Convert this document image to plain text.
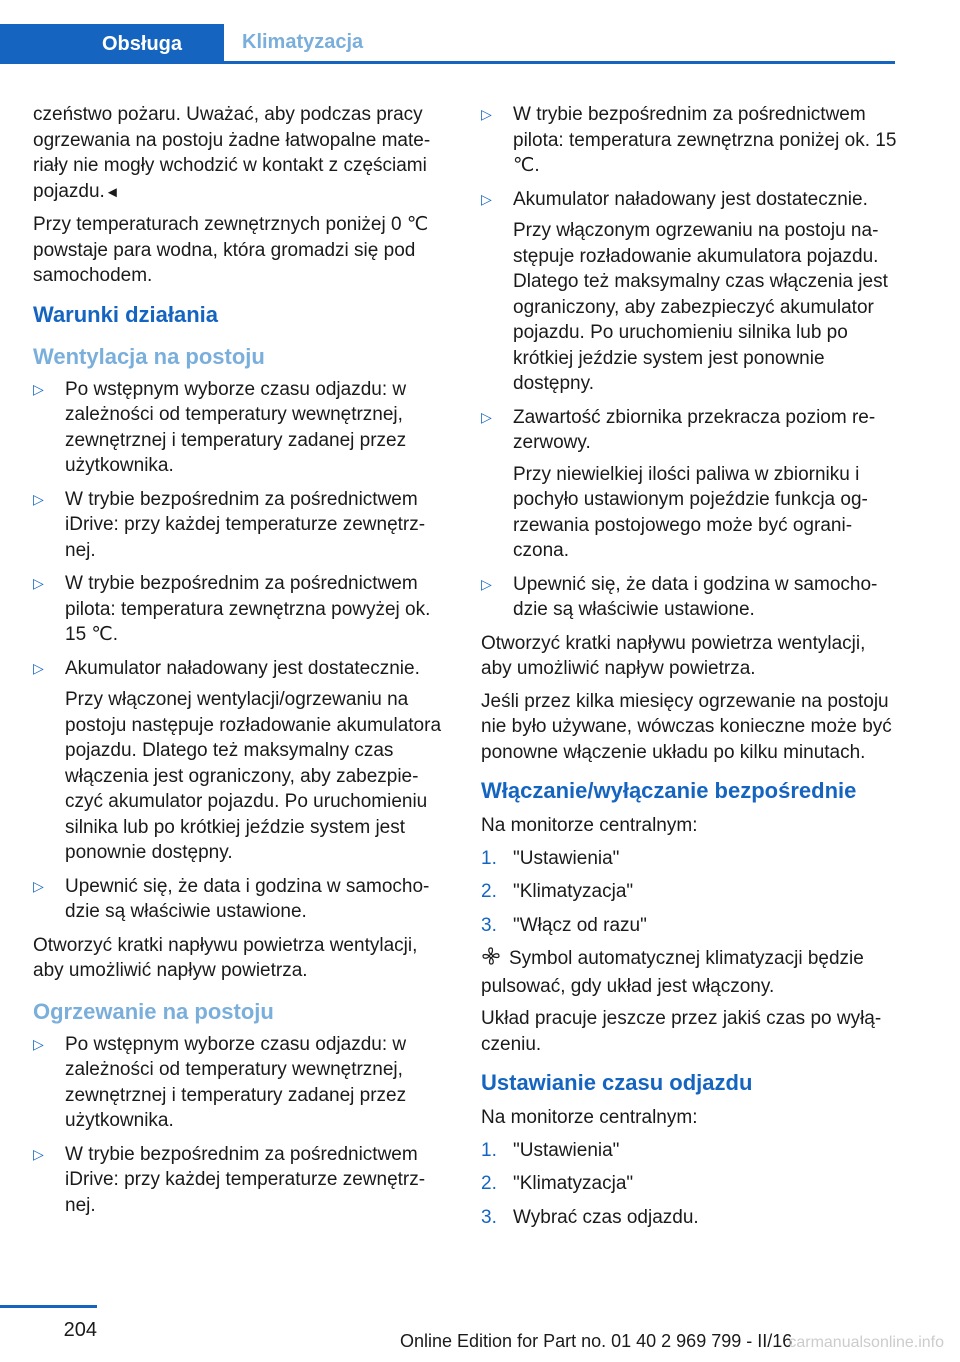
Obsługa	Klimatyzacja

czeństwo pożaru. Uważać, aby podczas pracy ogrzewania na postoju żadne łatwopalne materiały nie mogły wchodzić w kontakt z częściami pojazdu.◄

Przy temperaturach zewnętrznych poniżej 0 ℃ powstaje para wodna, która gromadzi się pod samochodem.

Warunki działania
Wentylacja na postoju
▷ Po wstępnym wyborze czasu odjazdu: w zależności od temperatury wewnętrznej, zewnętrznej i temperatury zadanej przez użytkownika.

▷ W trybie bezpośrednim za pośrednictwem iDrive: przy każdej temperaturze zewnętrznej.

▷ W trybie bezpośrednim za pośrednictwem pilota: temperatura zewnętrzna powyżej ok. 15 ℃.

▷ Akumulator naładowany jest dostatecznie.

Przy włączonej wentylacji/ogrzewaniu na postoju następuje rozładowanie akumulatora pojazdu. Dlatego też maksymalny czas włączenia jest ograniczony, aby zabezpieczyć akumulator pojazdu. Po uruchomieniu silnika lub po krótkiej jeździe system jest ponownie dostępny.

▷ Upewnić się, że data i godzina w samochodzie są właściwie ustawione.

Otworzyć kratki napływu powietrza wentylacji, aby umożliwić napływ powietrza.

Ogrzewanie na postoju
▷ Po wstępnym wyborze czasu odjazdu: w zależności od temperatury wewnętrznej, zewnętrznej i temperatury zadanej przez użytkownika.

▷ W trybie bezpośrednim za pośrednictwem iDrive: przy każdej temperaturze zewnętrznej.

▷ W trybie bezpośrednim za pośrednictwem pilota: temperatura zewnętrzna poniżej ok. 15 ℃.

▷ Akumulator naładowany jest dostatecznie.

Przy włączonym ogrzewaniu na postoju następuje rozładowanie akumulatora pojazdu. Dlatego też maksymalny czas włączenia jest ograniczony, aby zabezpieczyć akumulator pojazdu. Po uruchomieniu silnika lub po krótkiej jeździe system jest ponownie dostępny.

▷ Zawartość zbiornika przekracza poziom rezerwowy.

Przy niewielkiej ilości paliwa w zbiorniku i pochyło ustawionym pojeździe funkcja ogrzewania postojowego może być ograniczona.

▷ Upewnić się, że data i godzina w samochodzie są właściwie ustawione.

Otworzyć kratki napływu powietrza wentylacji, aby umożliwić napływ powietrza.

Jeśli przez kilka miesięcy ogrzewanie na postoju nie było używane, wówczas konieczne może być ponowne włączenie układu po kilku minutach.

Włączanie/wyłączanie bezpośrednie

Na monitorze centralnym:

1. "Ustawienia"
2. "Klimatyzacja"
3. "Włącz od razu"

Symbol automatycznej klimatyzacji będzie pulsować, gdy układ jest włączony.

Układ pracuje jeszcze przez jakiś czas po wyłączeniu.

Ustawianie czasu odjazdu

Na monitorze centralnym:

1. "Ustawienia"
2. "Klimatyzacja"
3. Wybrać czas odjazdu.
204	Online Edition for Part no. 01 40 2 969 799 - II/16
carmanualsonline.info
